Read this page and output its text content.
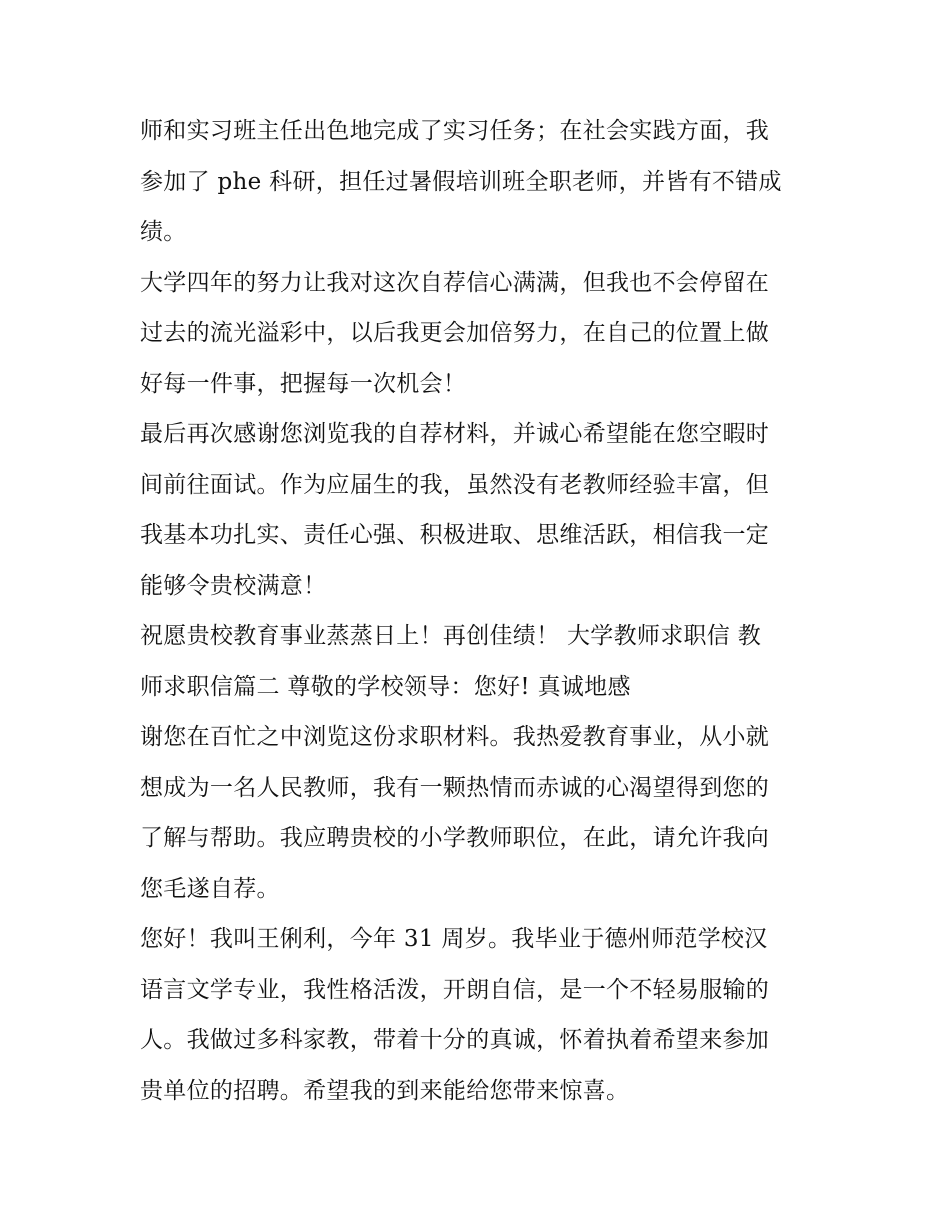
师和实习班主任出色地完成了实习任务；在社会实践方面，我
参加了 phe 科研，担任过暑假培训班全职老师，并皆有不错成
绩。
大学四年的努力让我对这次自荐信心满满，但我也不会停留在
过去的流光溢彩中，以后我更会加倍努力，在自己的位置上做
好每一件事，把握每一次机会！
最后再次感谢您浏览我的自荐材料，并诚心希望能在您空暇时
间前往面试。作为应届生的我，虽然没有老教师经验丰富，但
我基本功扎实、责任心强、积极进取、思维活跃，相信我一定
能够令贵校满意！
祝愿贵校教育事业蒸蒸日上！再创佳绩！ 大学教师求职信 教
师求职信篇二 尊敬的学校领导：您好! 真诚地感
谢您在百忙之中浏览这份求职材料。我热爱教育事业，从小就
想成为一名人民教师，我有一颗热情而赤诚的心渴望得到您的
了解与帮助。我应聘贵校的小学教师职位，在此，请允许我向
您毛遂自荐。
您好！我叫王俐利，今年 31 周岁。我毕业于德州师范学校汉
语言文学专业，我性格活泼，开朗自信，是一个不轻易服输的
人。我做过多科家教，带着十分的真诚，怀着执着希望来参加
贵单位的招聘。希望我的到来能给您带来惊喜。
